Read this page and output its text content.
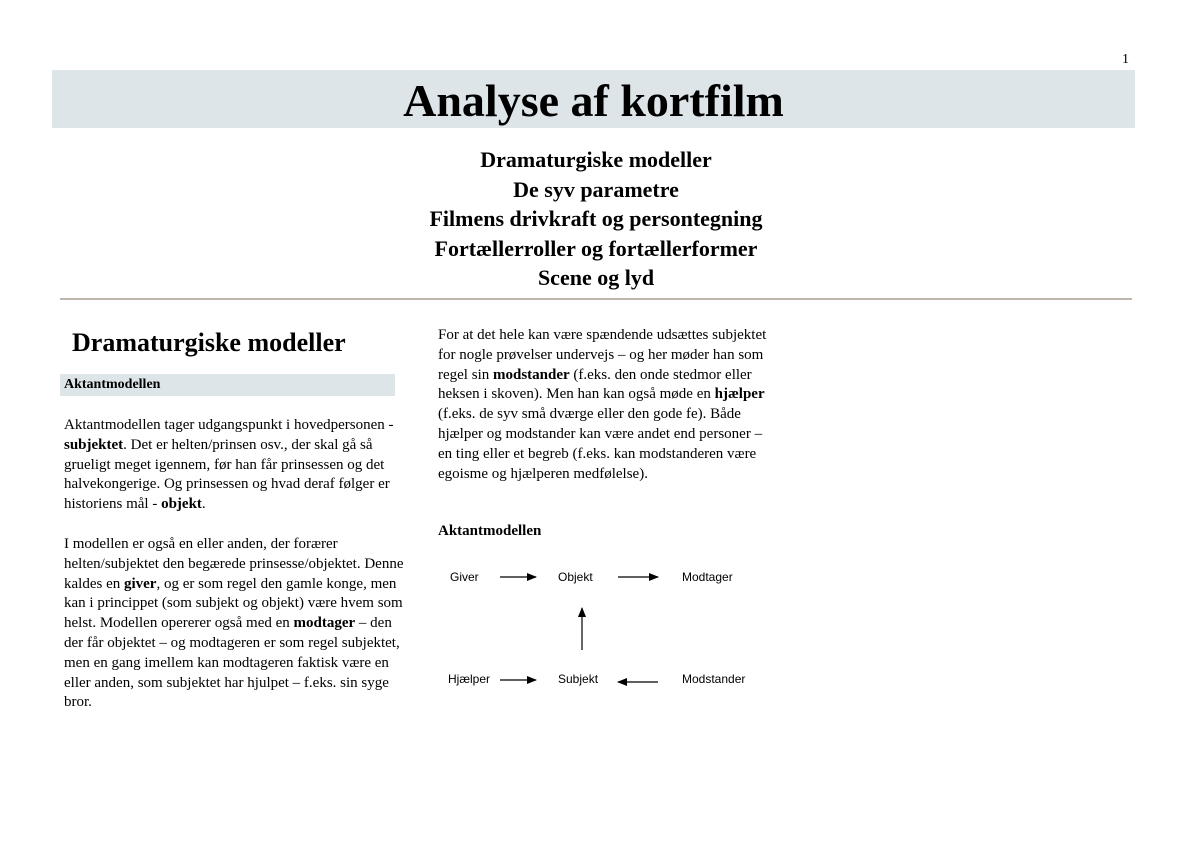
1
Analyse af kortfilm
Dramaturgiske modeller
De syv parametre
Filmens drivkraft og persontegning
Fortællerroller og fortællerformer
Scene og lyd
Dramaturgiske modeller
Aktantmodellen

Aktantmodellen tager udgangspunkt i hovedpersonen - subjektet. Det er helten/prinsen osv., der skal gå så grueligt meget igennem, før han får prinsessen og det halvekongerige. Og prinsessen og hvad deraf følger er historiens mål - objekt.

I modellen er også en eller anden, der forærer helten/subjektet den begærede prinsesse/objektet. Denne kaldes en giver, og er som regel den gamle konge, men kan i princippet (som subjekt og objekt) være hvem som helst. Modellen opererer også med en modtager – den der får objektet – og modtageren er som regel subjektet, men en gang imellem kan modtageren faktisk være en eller anden, som subjektet har hjulpet – f.eks. sin syge bror.

For at det hele kan være spændende udsættes subjektet for nogle prøvelser undervejs – og her møder han som regel sin modstander (f.eks. den onde stedmor eller heksen i skoven). Men han kan også møde en hjælper (f.eks. de syv små dværge eller den gode fe). Både hjælper og modstander kan være andet end personer – en ting eller et begreb (f.eks. kan modstanderen være egoisme og hjælperen medfølelse).

Aktantmodellen
Giver	Objekt	Modtager
Hjælper	Subjekt	Modstander
